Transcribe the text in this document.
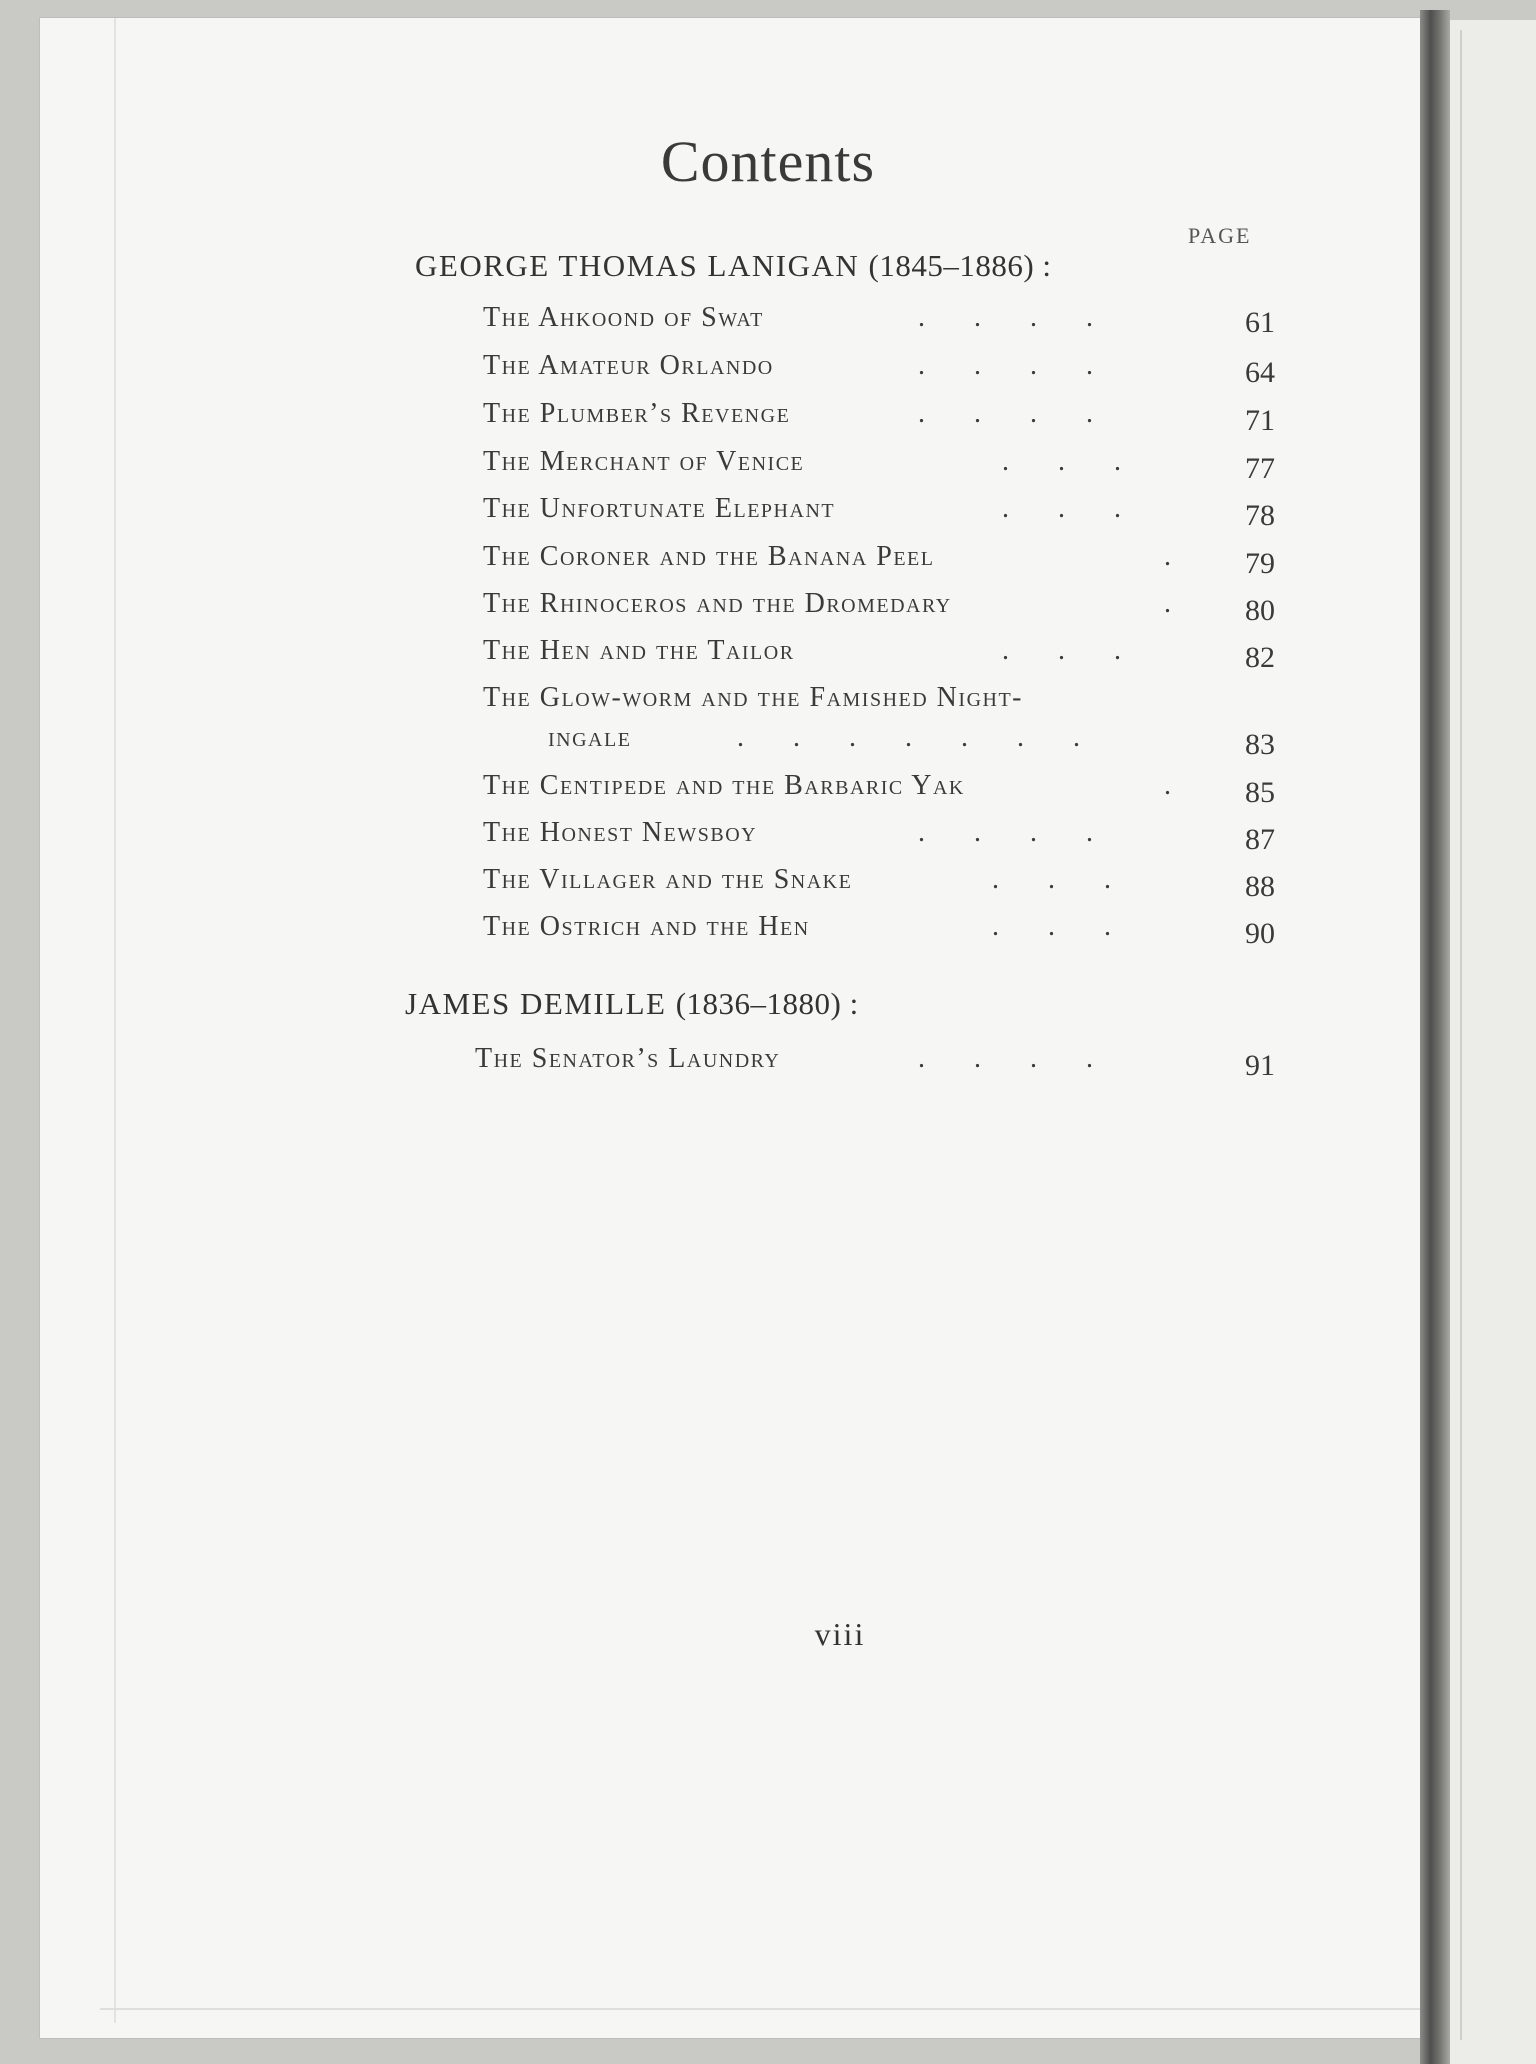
Contents
PAGE
GEORGE THOMAS LANIGAN (1845–1886) :
The Ahkoond of Swat	.       .       .       .	61
The Amateur Orlando	.       .       .       .	64
The Plumber’s Revenge	.       .       .       .	71
The Merchant of Venice	.       .       .	77
The Unfortunate Elephant	.       .       .	78
The Coroner and the Banana Peel	.	79
The Rhinoceros and the Dromedary	.	80
The Hen and the Tailor	.       .       .	82
The Glow-worm and the Famished Night-
ingale	.       .       .       .       .       .       .	83
The Centipede and the Barbaric Yak	.	85
The Honest Newsboy	.       .       .       .	87
The Villager and the Snake	.       .       .	88
The Ostrich and the Hen	.       .       .	90
JAMES DEMILLE (1836–1880) :
The Senator’s Laundry	.       .       .       .	91
viii
